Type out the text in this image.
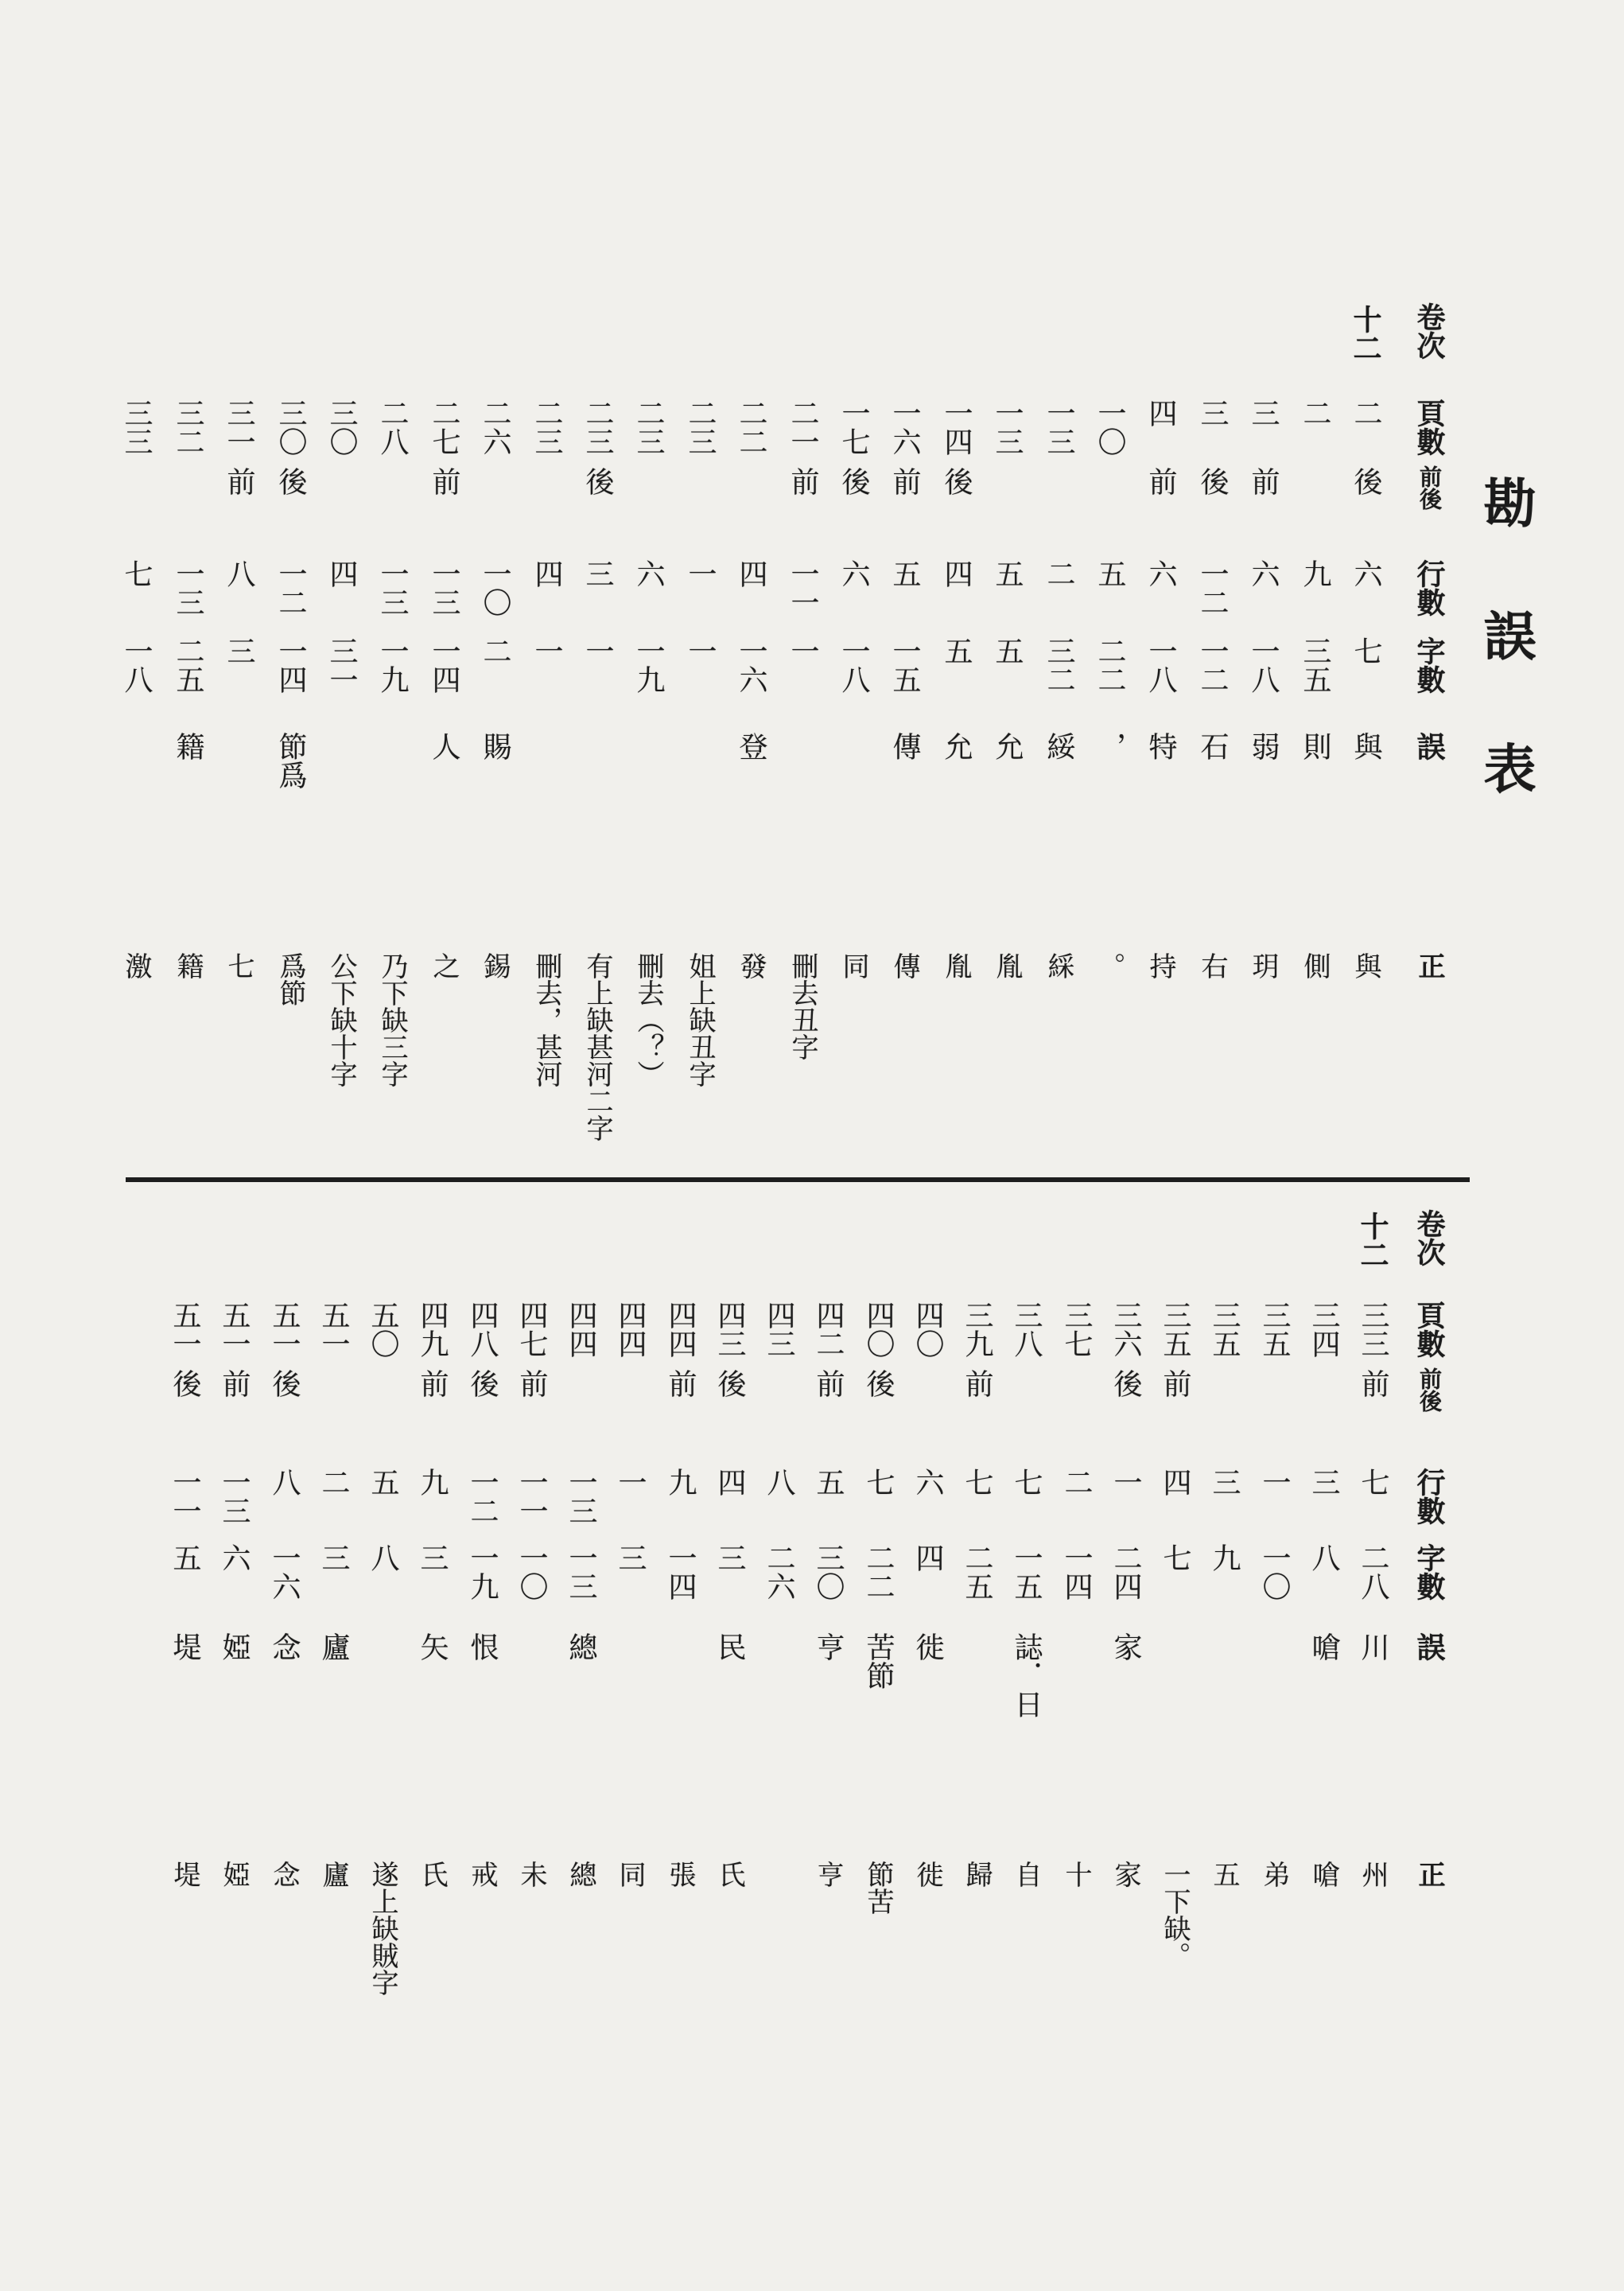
勘誤表
卷次
十二
頁數
前後
行數
字數
誤
正
二
後
六
七
與
與
二
九
三五
則
側
三
前
六
一八
弱
玥
三
後
一二
一二
石
右
四
前
六
一八
特
持
一〇
五
二二
，
。
一三
二
三二
綏
綵
一三
五
五
允
胤
一四
後
四
五
允
胤
一六
前
五
一五
傳
傳
一七
後
六
一八
同
二一
前
一一
一
刪去丑字
二二
四
一六
登
發
二三
一
一
姐上缺丑字
二三
六
一九
刪去（？）
二三
後
三
一
有上缺甚河二字
二三
四
一
刪去，甚河
二六
一〇
二
賜
錫
二七
前
一三
一四
人
之
二八
一三
一九
乃下缺三字
三〇
四
三一
公下缺十字
三〇
後
一二
一四
節爲
爲節
三一
前
八
三
七
三二
一三
二五
籍
籍
三三
七
一八
激
卷次
十二
頁數
前後
行數
字數
誤
正
三三
前
七
二八
川
州
三四
三
八
嗆
嗆
三五
一
一〇
弟
三五
三
九
五
三五
前
四
七
一下缺。
三六
後
一
二四
家
家
三七
二
一四
十
三八
七
一五
誌．日
自
三九
前
七
二五
歸
四〇
六
四
徙
徙
四〇
後
七
二二
苦節
節苦
四二
前
五
三〇
亨
亨
四三
八
二六
四三
後
四
三
民
氏
四四
前
九
一四
張
四四
一
三
同
四四
一三
一三
總
總
四七
前
一一
一〇
未
四八
後
一二
一九
恨
戒
四九
前
九
三
矢
氏
五〇
五
八
遂上缺賊字
五一
二
三
廬
廬
五一
後
八
一六
念
念
五一
前
一三
六
婭
婭
五一
後
一一
五
堤
堤
